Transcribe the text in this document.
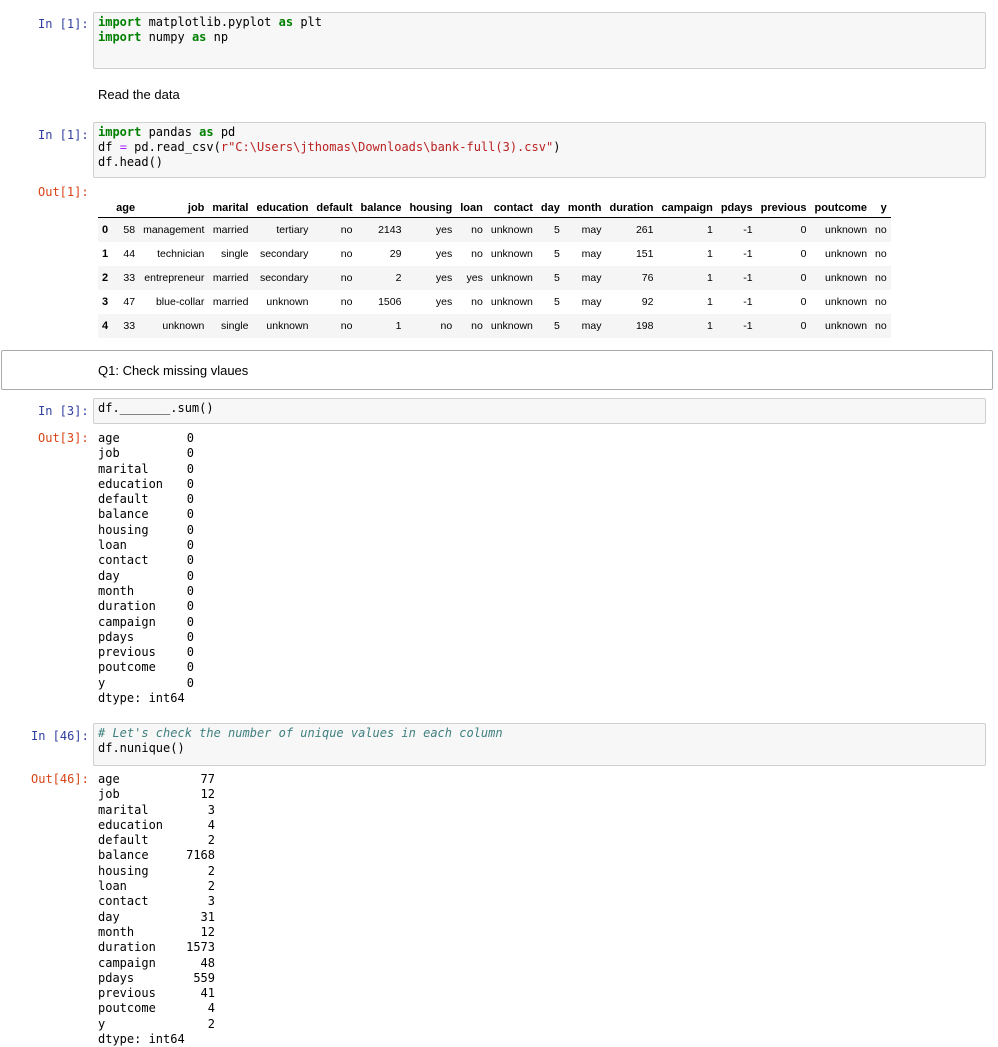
In [1]: import matplotlib.pyplot as plt
import numpy as np
Read the data
In [1]: import pandas as pd
df = pd.read_csv(r"C:\Users\jthomas\Downloads\bank-full(3).csv")
df.head()
Out[1]:
	age	job	marital	education	default	balance	housing	loan	contact	day	month	duration	campaign	pdays	previous	poutcome	y
0	58	management	married	tertiary	no	2143	yes	no	unknown	5	may	261	1	-1	0	unknown	no
1	44	technician	single	secondary	no	29	yes	no	unknown	5	may	151	1	-1	0	unknown	no
2	33	entrepreneur	married	secondary	no	2	yes	yes	unknown	5	may	76	1	-1	0	unknown	no
3	47	blue-collar	married	unknown	no	1506	yes	no	unknown	5	may	92	1	-1	0	unknown	no
4	33	unknown	single	unknown	no	1	no	no	unknown	5	may	198	1	-1	0	unknown	no
Q1: Check missing vlaues
In [3]: df._______.sum()
Out[3]: age	0
job	0
marital	0
education	0
default	0
balance	0
housing	0
loan	0
contact	0
day	0
month	0
duration	0
campaign	0
pdays	0
previous	0
poutcome	0
y	0
dtype: int64
In [46]: # Let's check the number of unique values in each column
df.nunique()
Out[46]: age	77
job	12
marital	3
education	4
default	2
balance	7168
housing	2
loan	2
contact	3
day	31
month	12
duration	1573
campaign	48
pdays	559
previous	41
poutcome	4
y	2
dtype: int64
